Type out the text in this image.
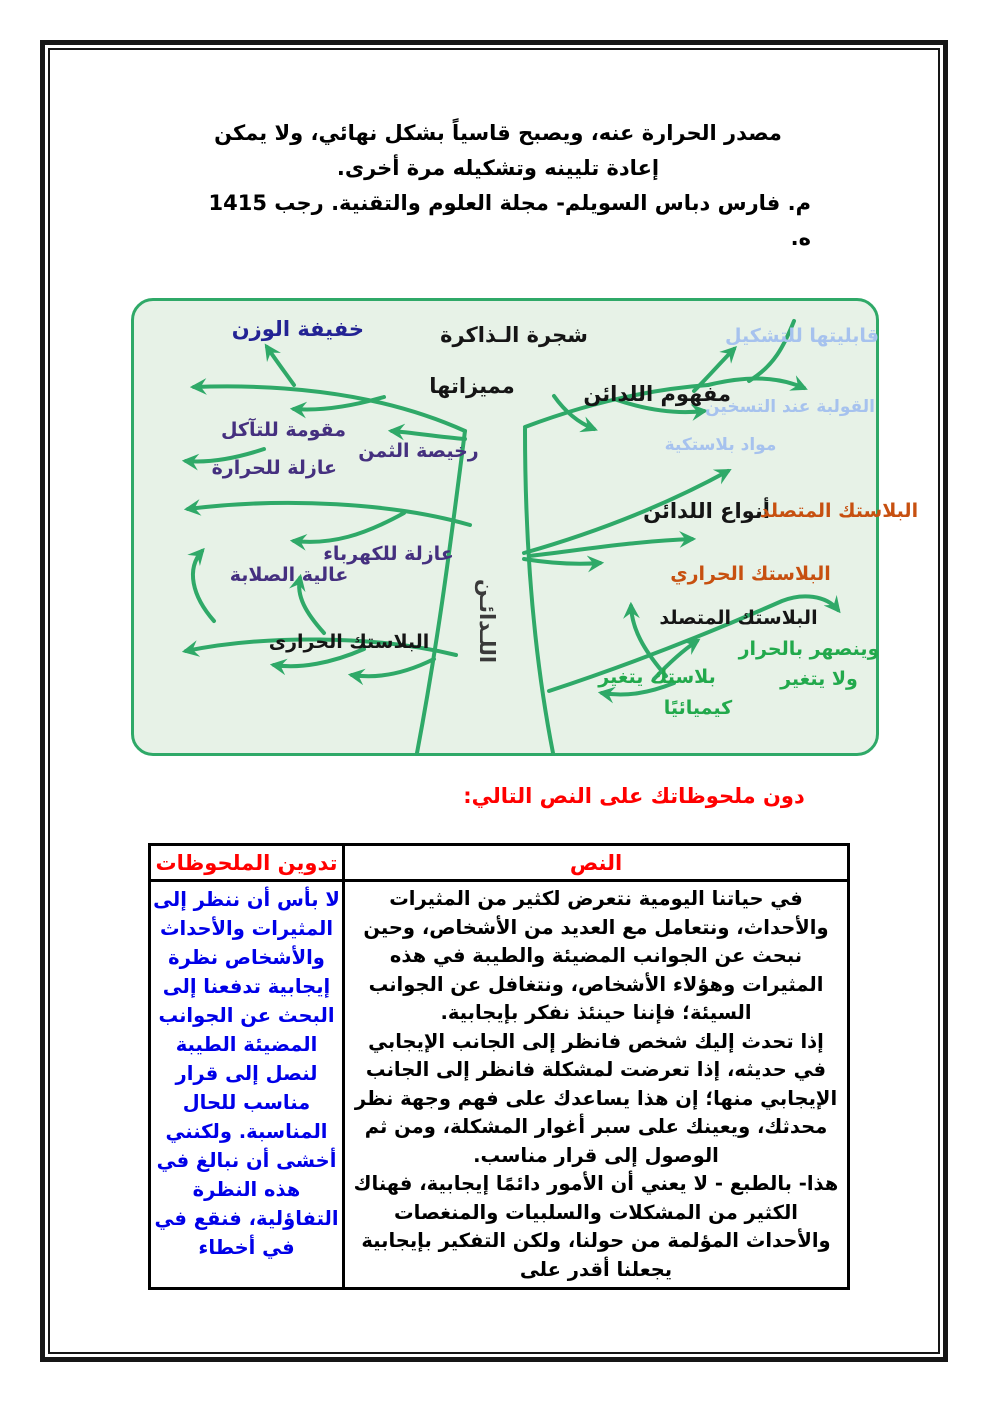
مصدر الحرارة عنه، ويصبح قاسياً بشكل نهائي، ولا يمكن إعادة تليينه وتشكيله مرة أخرى.

م. فارس دباس السويلم- مجلة العلوم والتقنية. رجب 1415 ه.

شجرة الـذاكرة
اللـدائـن
خفيفة الوزن
مميزاتها
مقومة للتآكل
رخيصة الثمن
عازلة للحرارة
عازلة للكهرباء
عالية الصلابة
البلاستك الحرارى
مفهوم اللدائن
قابليتها للتشكيل
القولبة عند التسخين
مواد بلاستكية
أنواع اللدائن
البلاستك المتصلد
البلاستك الحراري
البلاستك المتصلد
وينصهر بالحرار
ولا يتغير
بلاستك يتغير
كيميائيًا
دون ملحوظاتك على النص التالي:
النص	تدوين الملحوظات

في حياتنا اليومية نتعرض لكثير من المثيرات والأحداث، ونتعامل مع العديد من الأشخاص، وحين نبحث عن الجوانب المضيئة والطيبة في هذه المثيرات وهؤلاء الأشخاص، ونتغافل عن الجوانب السيئة؛ فإننا حينئذ نفكر بإيجابية.

إذا تحدث إليك شخص فانظر إلى الجانب الإيجابي في حديثه، إذا تعرضت لمشكلة فانظر إلى الجانب الإيجابي منها؛ إن هذا يساعدك على فهم وجهة نظر محدثك، ويعينك على سبر أغوار المشكلة، ومن ثم الوصول إلى قرار مناسب.

هذا- بالطبع - لا يعني أن الأمور دائمًا إيجابية، فهناك الكثير من المشكلات والسلبيات والمنغصات والأحداث المؤلمة من حولنا، ولكن التفكير بإيجابية يجعلنا أقدر على	لا بأس أن ننظر إلى المثيرات والأحداث والأشخاص نظرة إيجابية تدفعنا إلى البحث عن الجوانب المضيئة الطيبة لنصل إلى قرار مناسب للحال المناسبة. ولكنني أخشى أن نبالغ في هذه النظرة التفاؤلية، فنقع في في أخطاء
